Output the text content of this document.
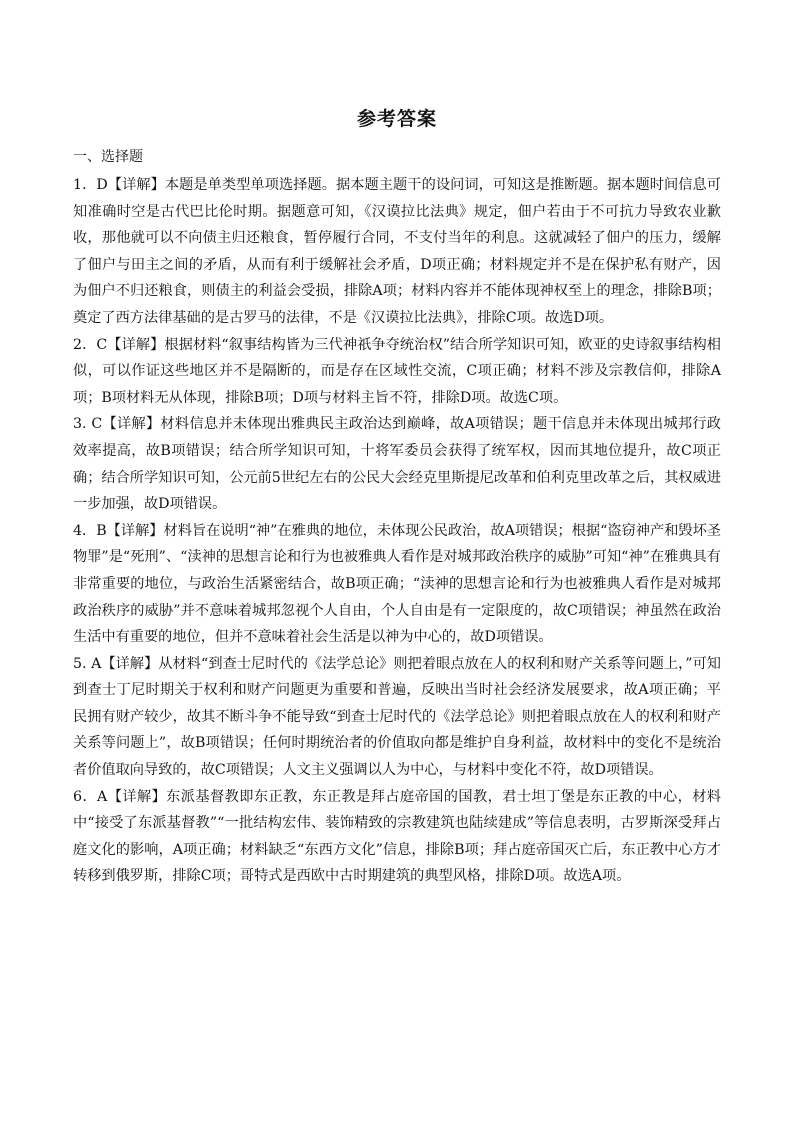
参考答案
一、选择题

1．D【详解】本题是单类型单项选择题。据本题主题干的设问词，可知这是推断题。据本题时间信息可知准确时空是古代巴比伦时期。据题意可知，《汉谟拉比法典》规定，佃户若由于不可抗力导致农业歉收，那他就可以不向债主归还粮食，暂停履行合同，不支付当年的利息。这就减轻了佃户的压力，缓解了佃户与田主之间的矛盾，从而有利于缓解社会矛盾，D项正确；材料规定并不是在保护私有财产，因为佃户不归还粮食，则债主的利益会受损，排除A项；材料内容并不能体现神权至上的理念，排除B项；奠定了西方法律基础的是古罗马的法律，不是《汉谟拉比法典》，排除C项。故选D项。

2．C【详解】根据材料“叙事结构皆为三代神祇争夺统治权”结合所学知识可知，欧亚的史诗叙事结构相似，可以作证这些地区并不是隔断的，而是存在区域性交流，C项正确；材料不涉及宗教信仰，排除A项；B项材料无从体现，排除B项；D项与材料主旨不符，排除D项。故选C项。

3. C【详解】材料信息并未体现出雅典民主政治达到巅峰，故A项错误；题干信息并未体现出城邦行政效率提高，故B项错误；结合所学知识可知，十将军委员会获得了统军权，因而其地位提升，故C项正确；结合所学知识可知，公元前5世纪左右的公民大会经克里斯提尼改革和伯利克里改革之后，其权威进一步加强，故D项错误。

4．B【详解】材料旨在说明“神”在雅典的地位，未体现公民政治，故A项错误；根据“盗窃神产和毁坏圣物罪”是“死刑”、“渎神的思想言论和行为也被雅典人看作是对城邦政治秩序的威胁”可知“神”在雅典具有非常重要的地位，与政治生活紧密结合，故B项正确；“渎神的思想言论和行为也被雅典人看作是对城邦政治秩序的威胁”并不意味着城邦忽视个人自由，个人自由是有一定限度的，故C项错误；神虽然在政治生活中有重要的地位，但并不意味着社会生活是以神为中心的，故D项错误。

5. A【详解】从材料“到查士尼时代的《法学总论》则把着眼点放在人的权利和财产关系等问题上，”可知到查士丁尼时期关于权利和财产问题更为重要和普遍，反映出当时社会经济发展要求，故A项正确；平民拥有财产较少，故其不断斗争不能导致“到查士尼时代的《法学总论》则把着眼点放在人的权利和财产关系等问题上”，故B项错误；任何时期统治者的价值取向都是维护自身利益，故材料中的变化不是统治者价值取向导致的，故C项错误；人文主义强调以人为中心，与材料中变化不符，故D项错误。

6．A【详解】东派基督教即东正教，东正教是拜占庭帝国的国教，君士坦丁堡是东正教的中心，材料中“接受了东派基督教”“一批结构宏伟、装饰精致的宗教建筑也陆续建成”等信息表明，古罗斯深受拜占庭文化的影响，A项正确；材料缺乏“东西方文化”信息，排除B项；拜占庭帝国灭亡后，东正教中心方才转移到俄罗斯，排除C项；哥特式是西欧中古时期建筑的典型风格，排除D项。故选A项。
